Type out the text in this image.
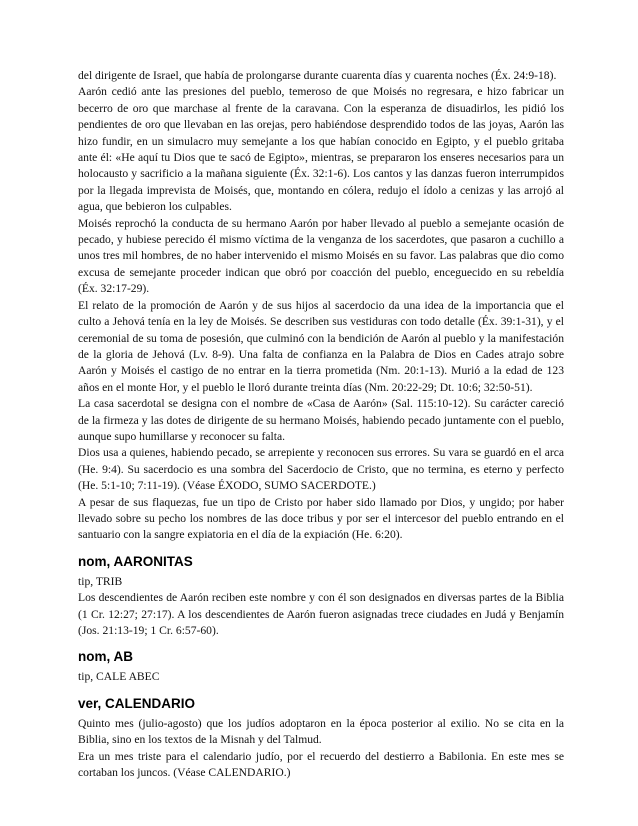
del dirigente de Israel, que había de prolongarse durante cuarenta días y cuarenta noches (Éx. 24:9-18).

Aarón cedió ante las presiones del pueblo, temeroso de que Moisés no regresara, e hizo fabricar un becerro de oro que marchase al frente de la caravana. Con la esperanza de disuadirlos, les pidió los pendientes de oro que llevaban en las orejas, pero habiéndose desprendido todos de las joyas, Aarón las hizo fundir, en un simulacro muy semejante a los que habían conocido en Egipto, y el pueblo gritaba ante él: «He aquí tu Dios que te sacó de Egipto», mientras, se prepararon los enseres necesarios para un holocausto y sacrificio a la mañana siguiente (Éx. 32:1-6). Los cantos y las danzas fueron interrumpidos por la llegada imprevista de Moisés, que, montando en cólera, redujo el ídolo a cenizas y las arrojó al agua, que bebieron los culpables.

Moisés reprochó la conducta de su hermano Aarón por haber llevado al pueblo a semejante ocasión de pecado, y hubiese perecido él mismo víctima de la venganza de los sacerdotes, que pasaron a cuchillo a unos tres mil hombres, de no haber intervenido el mismo Moisés en su favor. Las palabras que dio como excusa de semejante proceder indican que obró por coacción del pueblo, enceguecido en su rebeldía (Éx. 32:17-29).

El relato de la promoción de Aarón y de sus hijos al sacerdocio da una idea de la importancia que el culto a Jehová tenía en la ley de Moisés. Se describen sus vestiduras con todo detalle (Éx. 39:1-31), y el ceremonial de su toma de posesión, que culminó con la bendición de Aarón al pueblo y la manifestación de la gloria de Jehová (Lv. 8-9). Una falta de confianza en la Palabra de Dios en Cades atrajo sobre Aarón y Moisés el castigo de no entrar en la tierra prometida (Nm. 20:1-13). Murió a la edad de 123 años en el monte Hor, y el pueblo le lloró durante treinta días (Nm. 20:22-29; Dt. 10:6; 32:50-51).

La casa sacerdotal se designa con el nombre de «Casa de Aarón» (Sal. 115:10-12). Su carácter careció de la firmeza y las dotes de dirigente de su hermano Moisés, habiendo pecado juntamente con el pueblo, aunque supo humillarse y reconocer su falta.

Dios usa a quienes, habiendo pecado, se arrepiente y reconocen sus errores. Su vara se guardó en el arca (He. 9:4). Su sacerdocio es una sombra del Sacerdocio de Cristo, que no termina, es eterno y perfecto (He. 5:1-10; 7:11-19). (Véase ÉXODO, SUMO SACERDOTE.)

A pesar de sus flaquezas, fue un tipo de Cristo por haber sido llamado por Dios, y ungido; por haber llevado sobre su pecho los nombres de las doce tribus y por ser el intercesor del pueblo entrando en el santuario con la sangre expiatoria en el día de la expiación (He. 6:20).

nom, AARONITAS

tip, TRIB

Los descendientes de Aarón reciben este nombre y con él son designados en diversas partes de la Biblia (1 Cr. 12:27; 27:17). A los descendientes de Aarón fueron asignadas trece ciudades en Judá y Benjamín (Jos. 21:13-19; 1 Cr. 6:57-60).

nom, AB

tip, CALE ABEC

ver, CALENDARIO

Quinto mes (julio-agosto) que los judíos adoptaron en la época posterior al exilio. No se cita en la Biblia, sino en los textos de la Misnah y del Talmud.

Era un mes triste para el calendario judío, por el recuerdo del destierro a Babilonia. En este mes se cortaban los juncos. (Véase CALENDARIO.)
